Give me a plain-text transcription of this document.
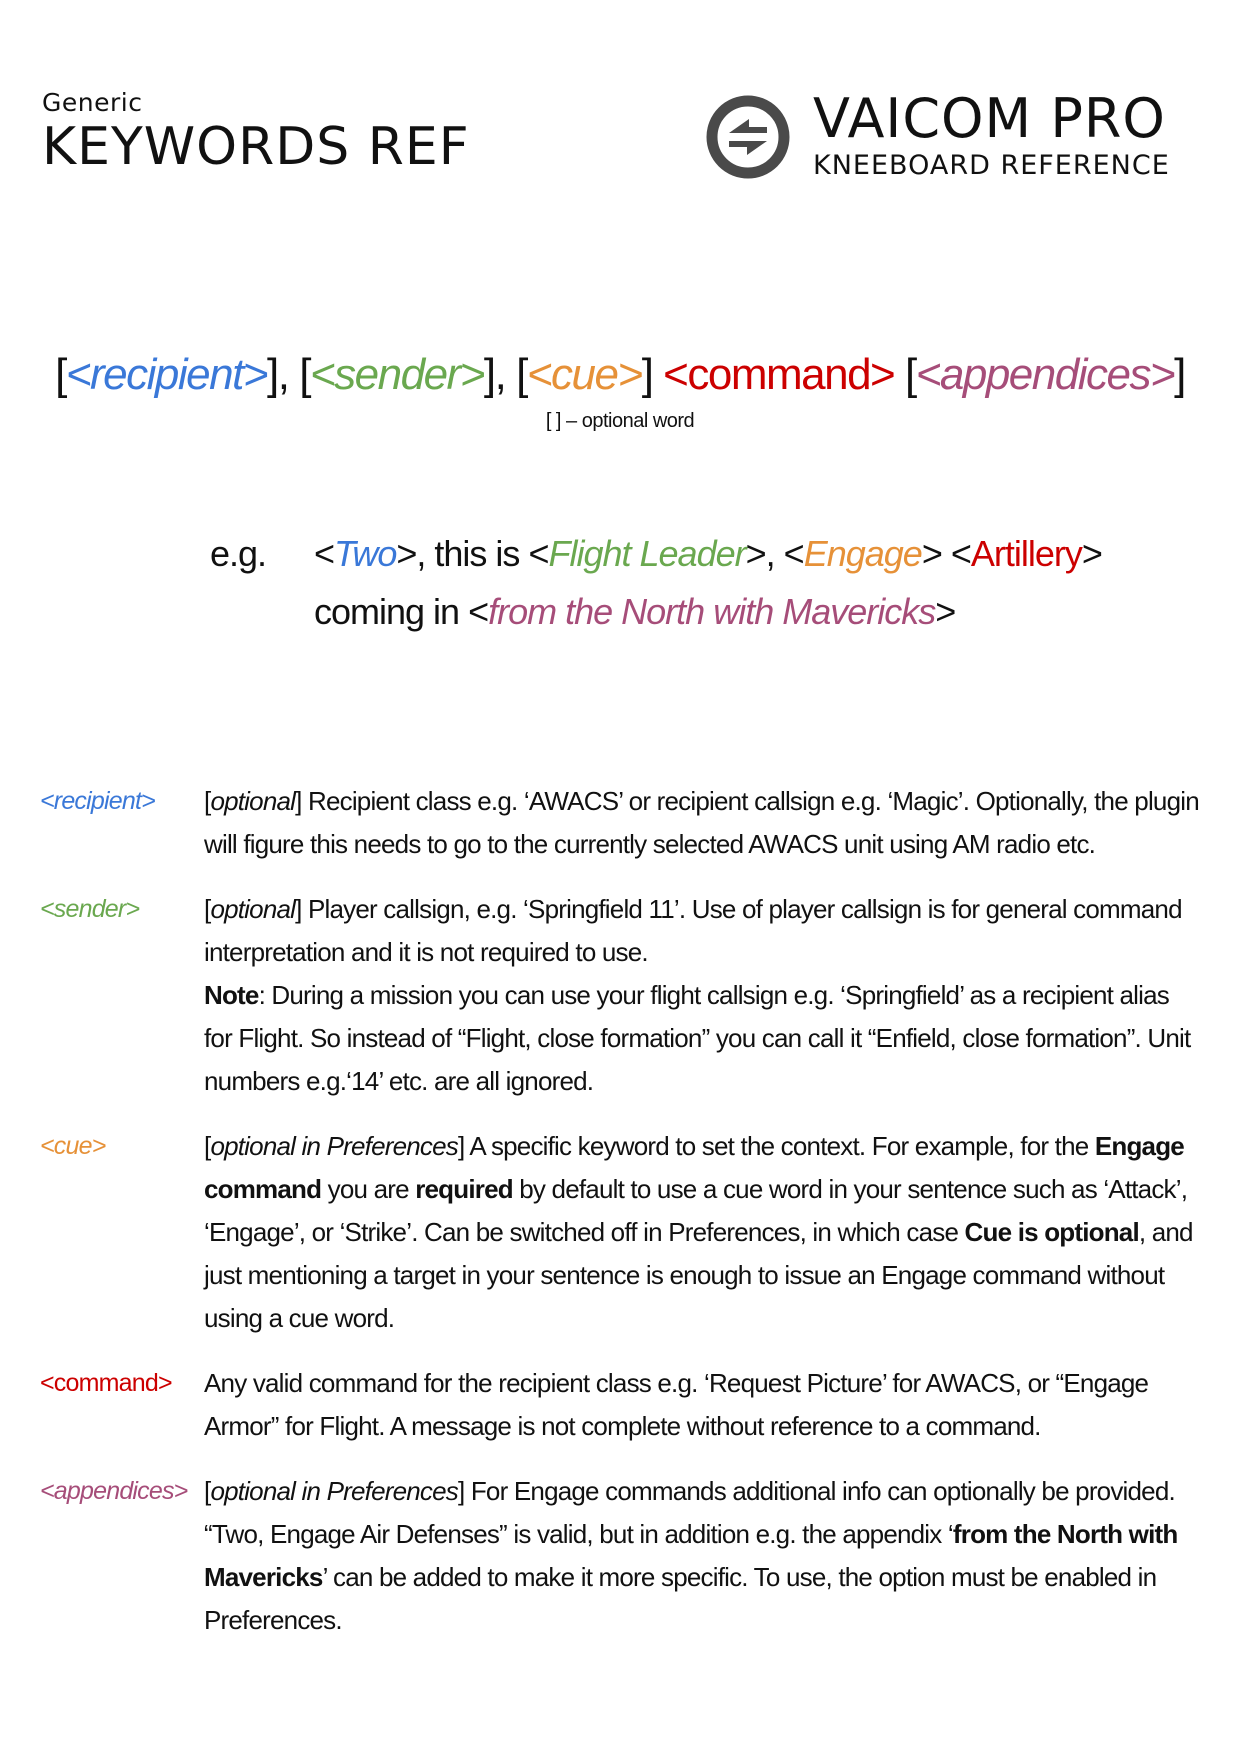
Generic
KEYWORDS REF	VAICOM PRO
KNEEBOARD REFERENCE
[<recipient>], [<sender>], [<cue>] <command> [<appendices>]
[ ] – optional word
e.g. <Two>, this is <Flight Leader>, <Engage> <Artillery>
coming in <from the North with Mavericks>
<recipient>	[optional] Recipient class e.g. ‘AWACS’ or recipient callsign e.g. ‘Magic’. Optionally, the plugin will figure this needs to go to the currently selected AWACS unit using AM radio etc.
<sender>	[optional] Player callsign, e.g. ‘Springfield 11’. Use of player callsign is for general command interpretation and it is not required to use.
Note: During a mission you can use your flight callsign e.g. ‘Springfield’ as a recipient alias for Flight. So instead of “Flight, close formation” you can call it “Enfield, close formation”. Unit numbers e.g.‘14’ etc. are all ignored.
<cue>	[optional in Preferences] A specific keyword to set the context. For example, for the Engage command you are required by default to use a cue word in your sentence such as ‘Attack’, ‘Engage’, or ‘Strike’. Can be switched off in Preferences, in which case Cue is optional, and just mentioning a target in your sentence is enough to issue an Engage command without using a cue word.
<command>	Any valid command for the recipient class e.g. ‘Request Picture’ for AWACS, or “Engage Armor” for Flight. A message is not complete without reference to a command.
<appendices> [optional in Preferences] For Engage commands additional info can optionally be provided. “Two, Engage Air Defenses” is valid, but in addition e.g. the appendix ‘from the North with Mavericks’ can be added to make it more specific. To use, the option must be enabled in Preferences.
